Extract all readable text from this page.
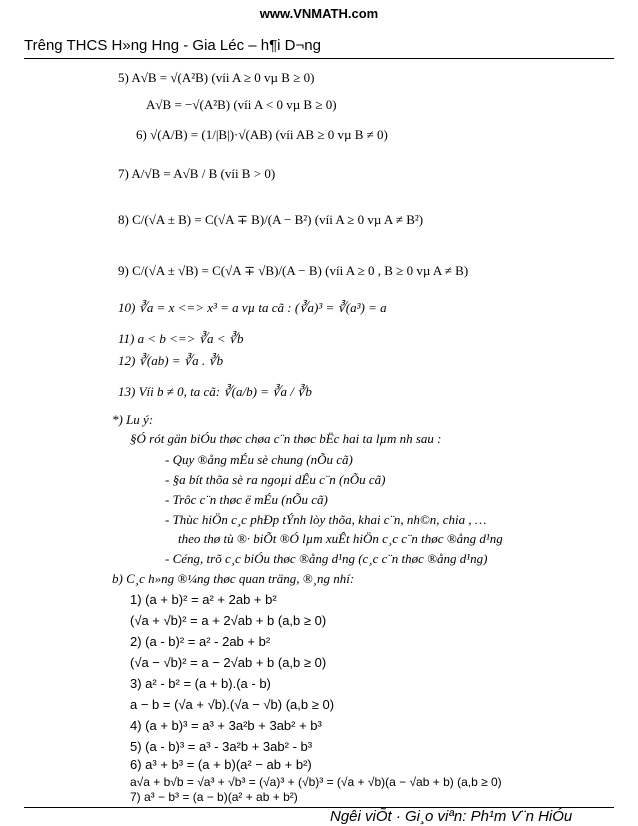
www.VNMATH.com
Trêng THCS H»ng Hng - Gia Léc – h¶i D¬ng
5) A√B = √(A²B) (víi A ≥ 0 vµ B ≥ 0)
A√B = −√(A²B) (víi A < 0 vµ B ≥ 0)
6) √(A/B) = (1/|B|)·√(AB) (víi AB ≥ 0 vµ B ≠ 0)
7) A/√B = A√B / B (víi B > 0)
8) C/(√A ± B) = C(√A ∓ B)/(A − B²) (víi A ≥ 0 vµ A ≠ B²)
9) C/(√A ± √B) = C(√A ∓ √B)/(A − B) (víi A ≥ 0 , B ≥ 0 vµ A ≠ B)
10) ∛a = x <=> x³ = a vµ ta cã : (∛a)³ = ∛(a³) = a
11) a < b <=> ∛a < ∛b
12) ∛(ab) = ∛a . ∛b
13) Víi b ≠ 0, ta cã: ∛(a/b) = ∛a / ∛b
*) Lu ý:
§Ó rót gän biÓu thøc chøa c¨n thøc bËc hai ta lµm nh sau :
- Quy ®ång mÉu sè chung (nÕu cã)
- §a bít thõa sè ra ngoµi dÊu c¨n (nÕu cã)
- Trôc c¨n thøc ë mÉu (nÕu cã)
- Thùc hiÖn c¸c phÐp tÝnh lòy thõa, khai c¨n, nh©n, chia , …
theo thø tù ®· biÕt ®Ó lµm xuÊt hiÖn c¸c c¨n thøc ®ång d¹ng
- Céng, trõ c¸c biÓu thøc ®ång d¹ng (c¸c c¨n thøc ®ång d¹ng)
b) C¸c h»ng ®¼ng thøc quan träng, ®¸ng nhí:
1) (a + b)² = a² + 2ab + b²
(√a + √b)² = a + 2√ab + b (a,b ≥ 0)
2) (a - b)² = a² - 2ab + b²
(√a − √b)² = a − 2√ab + b (a,b ≥ 0)
3) a² - b² = (a + b).(a - b)
a − b = (√a + √b).(√a − √b) (a,b ≥ 0)
4) (a + b)³ = a³ + 3a²b + 3ab² + b³
5) (a - b)³ = a³ - 3a²b + 3ab² - b³
6) a³ + b³ = (a + b)(a² − ab + b²)
a√a + b√b = √a³ + √b³ = (√a)³ + (√b)³ = (√a + √b)(a − √ab + b) (a,b ≥ 0)
7) a³ − b³ = (a − b)(a² + ab + b²)
Ngêi viÕt · Gi¸o viªn: Ph¹m V¨n HiÓu
